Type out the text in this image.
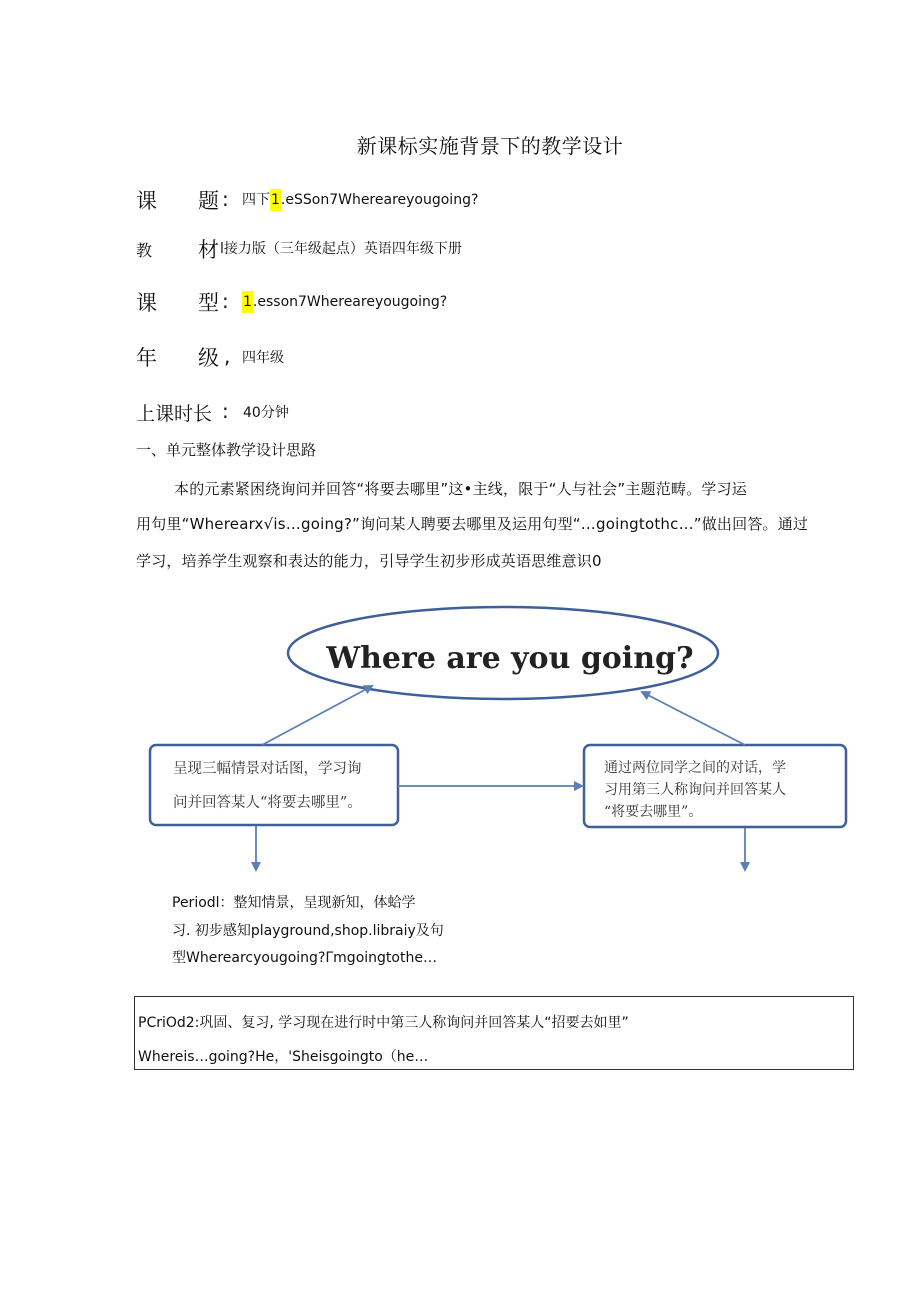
新课标实施背景下的教学设计
课 题 : 四下1.eSSon7Whereareyougoing?
教 材 l接力版（三年级起点）英语四年级下册
课 型 : 1.esson7Whereareyougoing?
年 级 , 四年级
上课时长 : 40分钟
一、单元整体教学设计思路
本的元素紧困绕询问并回答“将要去哪里”这•主线，限于“人与社会”主题范畴。学习运
用句里“Wherearx√is…going?”询问某人聘要去哪里及运用句型“…goingtothc…”做出回答。通过
学习，培养学生观察和表达的能力，引导学生初步形成英语思维意识0
Where are you going?
呈现三幅情景对话图，学习询
问并回答某人“将要去哪里”。
通过两位同学之间的对话，学
习用第三人称询问并回答某人
“将要去哪里”。
Periodl：整知情景，呈现新知，体蛤学
习. 初步感知playground,shop.libraiy及句
型Wherearcyougoing?Γmgoingtothe…
PCriOd2:巩固、复习, 学习现在进行时中第三人称询问并回答某人“招要去如里”
Whereis…going?He，'Sheisgoingto（he…
